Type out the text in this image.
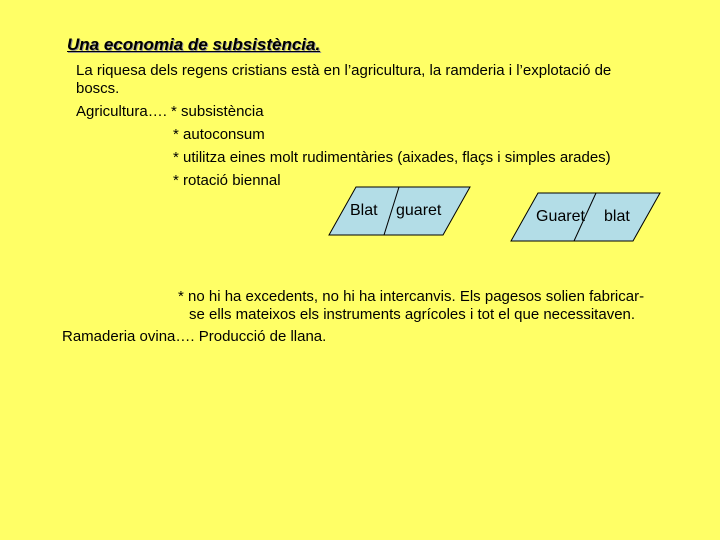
Una economia de subsistència.
La riquesa dels regens cristians està en l’agricultura, la ramderia i l’explotació de
boscs.
Agricultura…. * subsistència
* autoconsum
* utilitza eines molt rudimentàries (aixades, flaçs i simples arades)
* rotació biennal
Blat guaret	Guaret blat
* no hi ha excedents, no hi ha intercanvis. Els pagesos solien fabricar-
se ells mateixos els instruments agrícoles i tot el que necessitaven.
Ramaderia ovina…. Producció de llana.
